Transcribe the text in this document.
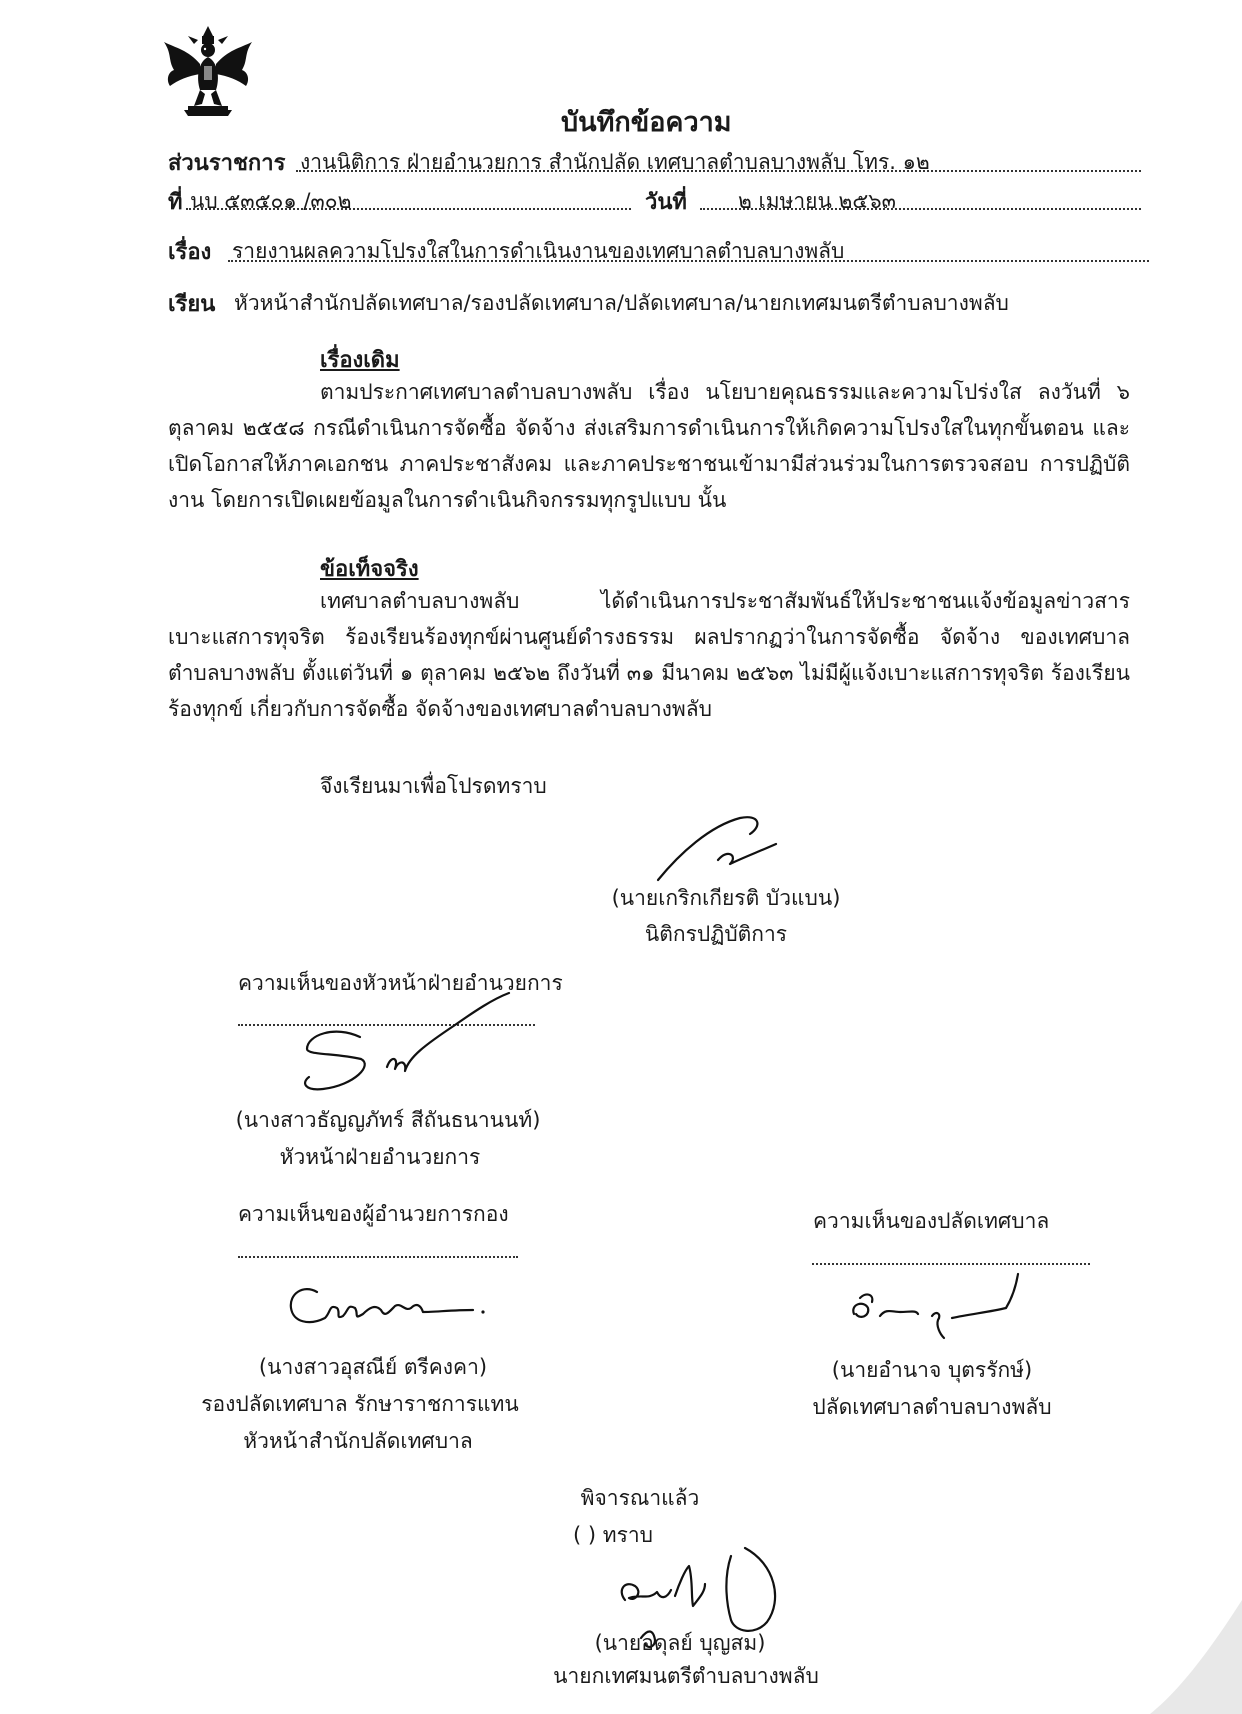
บันทึกข้อความ
ส่วนราชการ งานนิติการ ฝ่ายอำนวยการ สำนักปลัด เทศบาลตำบลบางพลับ โทร. ๑๒
ที่ นบ ๕๓๕๐๑ /๓๐๒	วันที่ ๒ เมษายน ๒๕๖๓
เรื่อง รายงานผลความโปรงใสในการดำเนินงานของเทศบาลตำบลบางพลับ
เรียน หัวหน้าสำนักปลัดเทศบาล/รองปลัดเทศบาล/ปลัดเทศบาล/นายกเทศมนตรีตำบลบางพลับ
เรื่องเดิม
ตามประกาศเทศบาลตำบลบางพลับ เรื่อง นโยบายคุณธรรมและความโปร่งใส ลงวันที่ ๖ ตุลาคม ๒๕๕๘ กรณีดำเนินการจัดซื้อ จัดจ้าง ส่งเสริมการดำเนินการให้เกิดความโปรงใสในทุกขั้นตอน และเปิดโอกาสให้ภาคเอกชน ภาคประชาสังคม และภาคประชาชนเข้ามามีส่วนร่วมในการตรวจสอบ การปฏิบัติงาน โดยการเปิดเผยข้อมูลในการดำเนินกิจกรรมทุกรูปแบบ นั้น
ข้อเท็จจริง
เทศบาลตำบลบางพลับ ได้ดำเนินการประชาสัมพันธ์ให้ประชาชนแจ้งข้อมูลข่าวสาร เบาะแสการทุจริต ร้องเรียนร้องทุกข์ผ่านศูนย์ดำรงธรรม ผลปรากฏว่าในการจัดซื้อ จัดจ้าง ของเทศบาล ตำบลบางพลับ ตั้งแต่วันที่ ๑ ตุลาคม ๒๕๖๒ ถึงวันที่ ๓๑ มีนาคม ๒๕๖๓ ไม่มีผู้แจ้งเบาะแสการทุจริต ร้องเรียนร้องทุกข์ เกี่ยวกับการจัดซื้อ จัดจ้างของเทศบาลตำบลบางพลับ
จึงเรียนมาเพื่อโปรดทราบ
(นายเกริกเกียรติ บัวแบน)
นิติกรปฏิบัติการ
ความเห็นของหัวหน้าฝ่ายอำนวยการ
(นางสาวธัญญภัทร์ สีถันธนานนท์)
หัวหน้าฝ่ายอำนวยการ
ความเห็นของผู้อำนวยการกอง
(นางสาวอุสณีย์ ตรีคงคา)
รองปลัดเทศบาล รักษาราชการแทน
หัวหน้าสำนักปลัดเทศบาล
ความเห็นของปลัดเทศบาล
(นายอำนาจ บุตรรักษ์)
ปลัดเทศบาลตำบลบางพลับ
พิจารณาแล้ว
( ) ทราบ
(นายอดุลย์ บุญสม)
นายกเทศมนตรีตำบลบางพลับ
